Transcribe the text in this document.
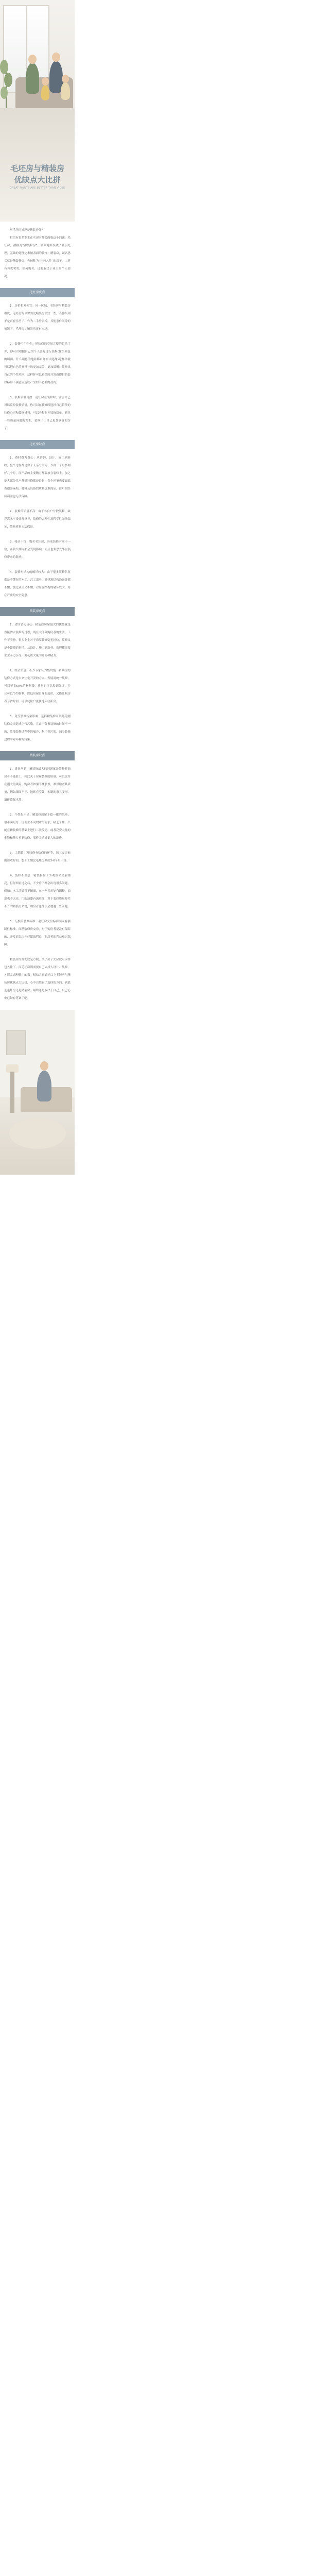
毛坯房与精装房
优缺点大比拼
GREAT FAULTS ARE BETTER THAN VICES

买毛坯房好还是精装房好？

相信有很多业主在买房时都会面临这个问题：毛坯房，被称为“初装修房”，墙面地面仅做了基层处理，基础的处理完未做表面的装饰；精装房，顾名思义就是精装修房，也被称为“拎包入住”的房子。二者各有优劣势，如何购买，还要取决于业主的个人情况。

毛坯房优点

1、房价相对便宜：同一区域，毛坯房与精装房相比，毛坯房的单价要比精装房便宜一些，若你买到不是首套住房了，作为二手房卖掉，其他条件同等的情况下，毛坯房比精装房更有市场。

2、装修可个性化：把装修的空间完整的留给了你，你可以根据自己的个人喜好进行装修(什么颜色的墙面、什么颜色的地砖都由你自由选择)这样你就可以把自己的家设计的更加完美，更加温馨；装修出自己的个性风格，这样你可以避免因开发商提供的装修标准不满意而造成产生的不必要的浪费。

3、装修质量可控：毛坯房在装修时，业主自己可以监控装修质量，你可以在装修时选择自己信任的装修公司和装修材料，可以全程监控装修质量，避免一些质量问题的发生，装修出让自己更加满意的房子。

毛坯房缺点

1、费时费力费心：从咨询、设计、施工到验收，整个过程都是你个人亲力亲为，少则一个月多则好几个月，而产品的主要精力都要放在装修上，加之绝大部分住户都对装修都是外行，各个环节也要面临着很多麻烦，材料及设备的质量也难保证，住户的经济利益也无法保障。

2、装修的质量不高：由于各自户分散装修，缺乏高水平设计师指导，装修的合理性及科学性无法保证，装修质量无法保证。

3、噪音干扰：购买毛坯房，各家装修时间不一致，在较长期内都会受到影响，而且也要忍受邻居装修带来的影响。

4、装修对结构的破坏较大：由于很多装修队伍都是不懂行的木工、瓦工出身，对建筑结构设备等都不懂，加之业主又不懂，对房屋结构的破坏较大，存在严重的安全隐患。

精装房优点

1、省时省力省心：精装修房屋最大的优势就是直接省去装修的过程，现在大部分购房者的生活、工作节奏快，很多业主对于房屋装修毫无经验，装修又是个繁琐的事情，从设计、施工到选材、监理都需要业主亲力亲为，要花费大量的时间和精力。

2、经济实惠：不少专家认为集约型一步到位的装修方式是未来住宅开发的方向。发展商统一装修，可以节省50%的材料费，质量也可以得到保证，并且可以节约材料，降低房屋自身的造价，又能让购房者节省时间，可以使住户更快地入住新房。

3、免受装修污染影响：选择精装修可以避免刚装修完而造成空气污染，且由于各家装修的时间不一致，免受装修过程中的噪音、粉尘等污染，减少装修过程中对环境的污染。

精装房缺点

1、质量问题：精装修最大的问题就是装修时购房者不能监工，因此关于房屋装修的质量，可以说存在很大的风险。购房者如果不懂装修，难以检查其质量，例如墙面不平、地砖有空鼓、木制的家具变形、墙体渗漏水等。

2、个性化不足：精装修房屋千篇一律的风格，很难满足每一位业主不同的审美需求，缺乏个性，只能在精装修的基础上进行二次改造，或者花费大量的金钱和精力重新装修，那样会造成更大的浪费。

3、工期长：精装修有装修的环节，加上交房前的验收时间，整个工期比毛坯房多出3-6个月不等。

4、装修不理想：精装修房子外观效果美丽漂亮，但仔细看过之后，不少房子都会出现很多问题，例如：木工活做得不精细，在一些拐角处有粗糙、油漆也不太亮，门的油漆有流痕等，对于装修质量参差不齐的精装房来说，购房者也往往会遭遇一些问题。

5、无相关装修标准：毛坯房交房标准国家有强制性标准，而精装修房交房，对于购房者是没有保障的，开发商以次充好谋取利益，购房者的利益难以保障。

精装房的好处就是方便，买了房子交房就可以拎包入住了，而毛坯房则需要自己去找人设计、装修，才能完成理想中的家。相信大家通过以上毛坯房与精装房优缺点大比拼，心中自然有了选择的方向，到底选毛坯房还是精装房，最终还是取决于自己，自己心中已经有答案了吧。
